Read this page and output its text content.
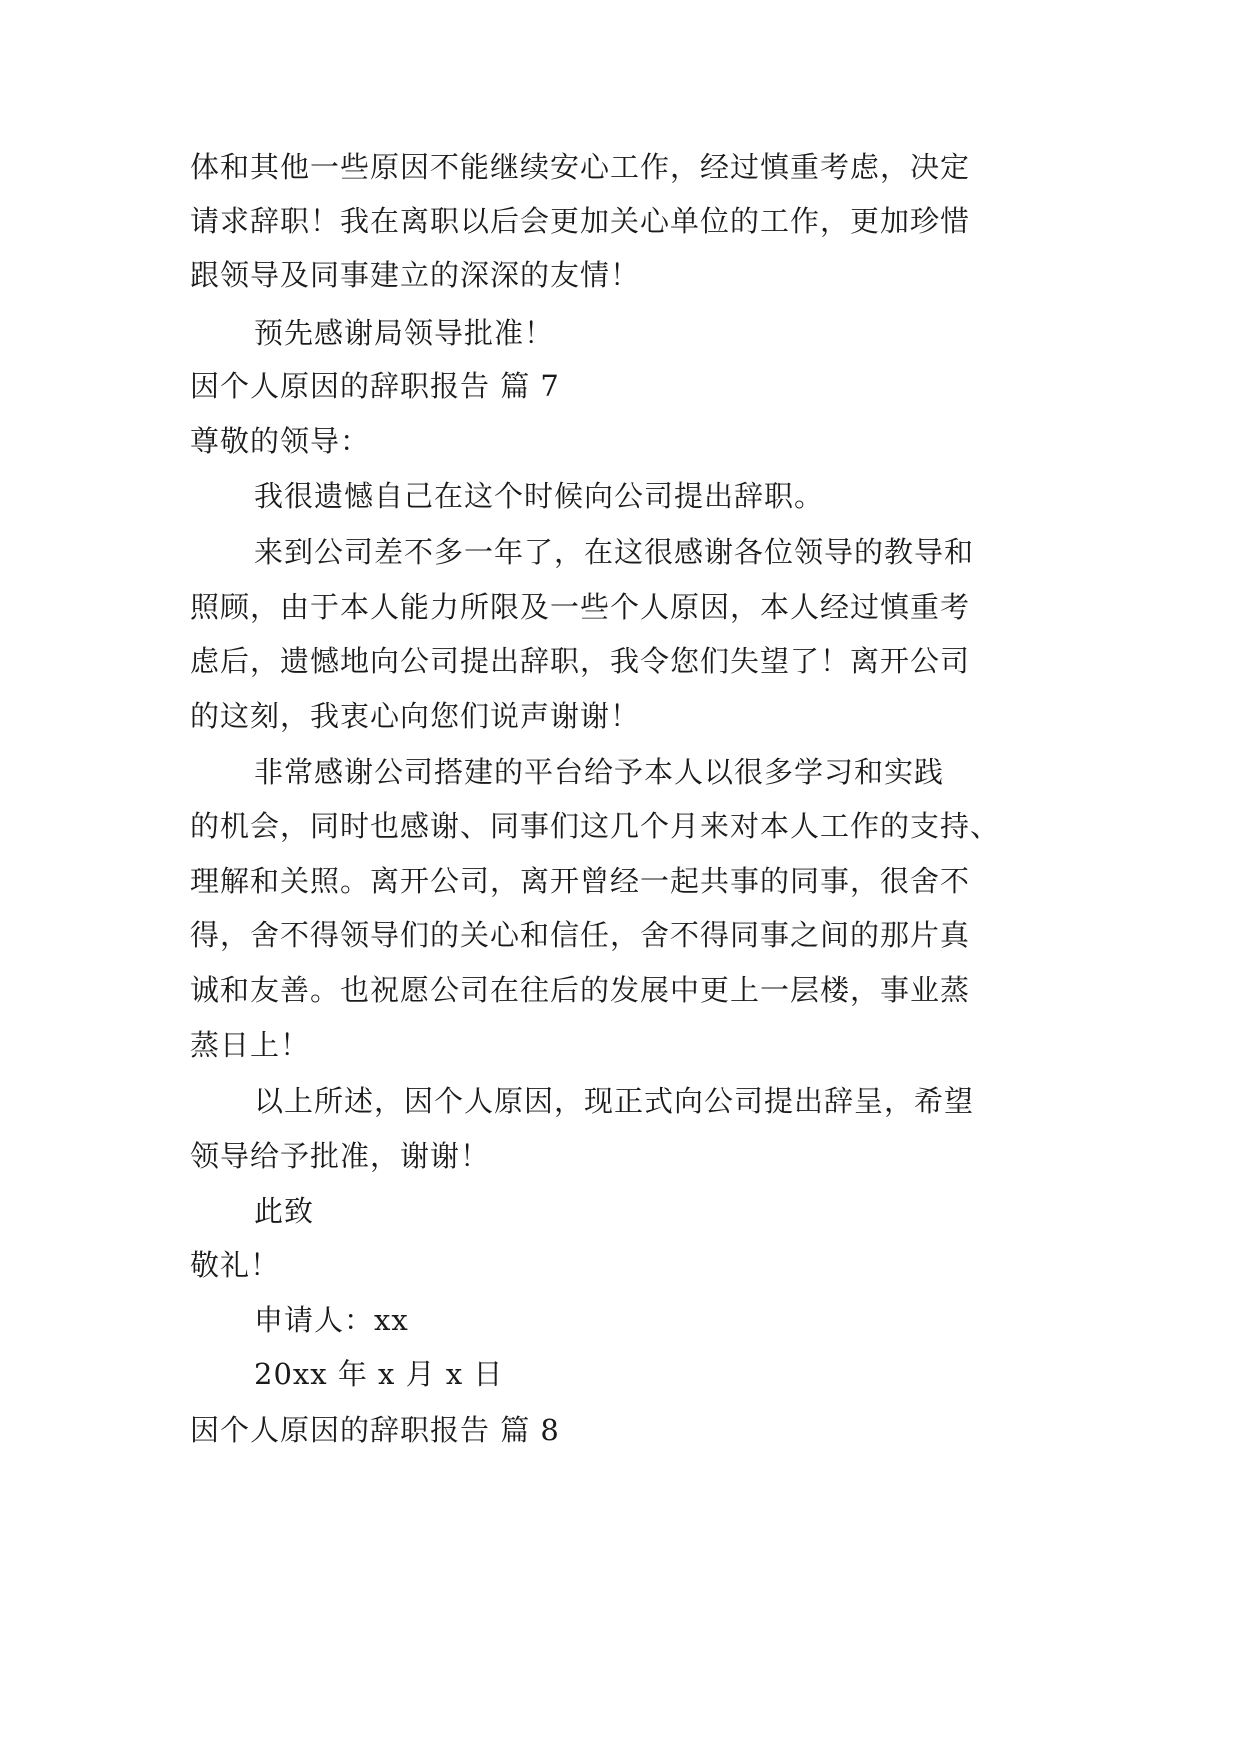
体和其他一些原因不能继续安心工作，经过慎重考虑，决定
请求辞职！我在离职以后会更加关心单位的工作，更加珍惜
跟领导及同事建立的深深的友情！
预先感谢局领导批准！
因个人原因的辞职报告 篇 7
尊敬的领导：
我很遗憾自己在这个时候向公司提出辞职。
来到公司差不多一年了，在这很感谢各位领导的教导和
照顾，由于本人能力所限及一些个人原因，本人经过慎重考
虑后，遗憾地向公司提出辞职，我令您们失望了！离开公司
的这刻，我衷心向您们说声谢谢！
非常感谢公司搭建的平台给予本人以很多学习和实践
的机会，同时也感谢、同事们这几个月来对本人工作的支持、
理解和关照。离开公司，离开曾经一起共事的同事，很舍不
得，舍不得领导们的关心和信任，舍不得同事之间的那片真
诚和友善。也祝愿公司在往后的发展中更上一层楼，事业蒸
蒸日上！
以上所述，因个人原因，现正式向公司提出辞呈，希望
领导给予批准，谢谢！
此致
敬礼！
申请人：xx
20xx 年 x 月 x 日
因个人原因的辞职报告 篇 8
